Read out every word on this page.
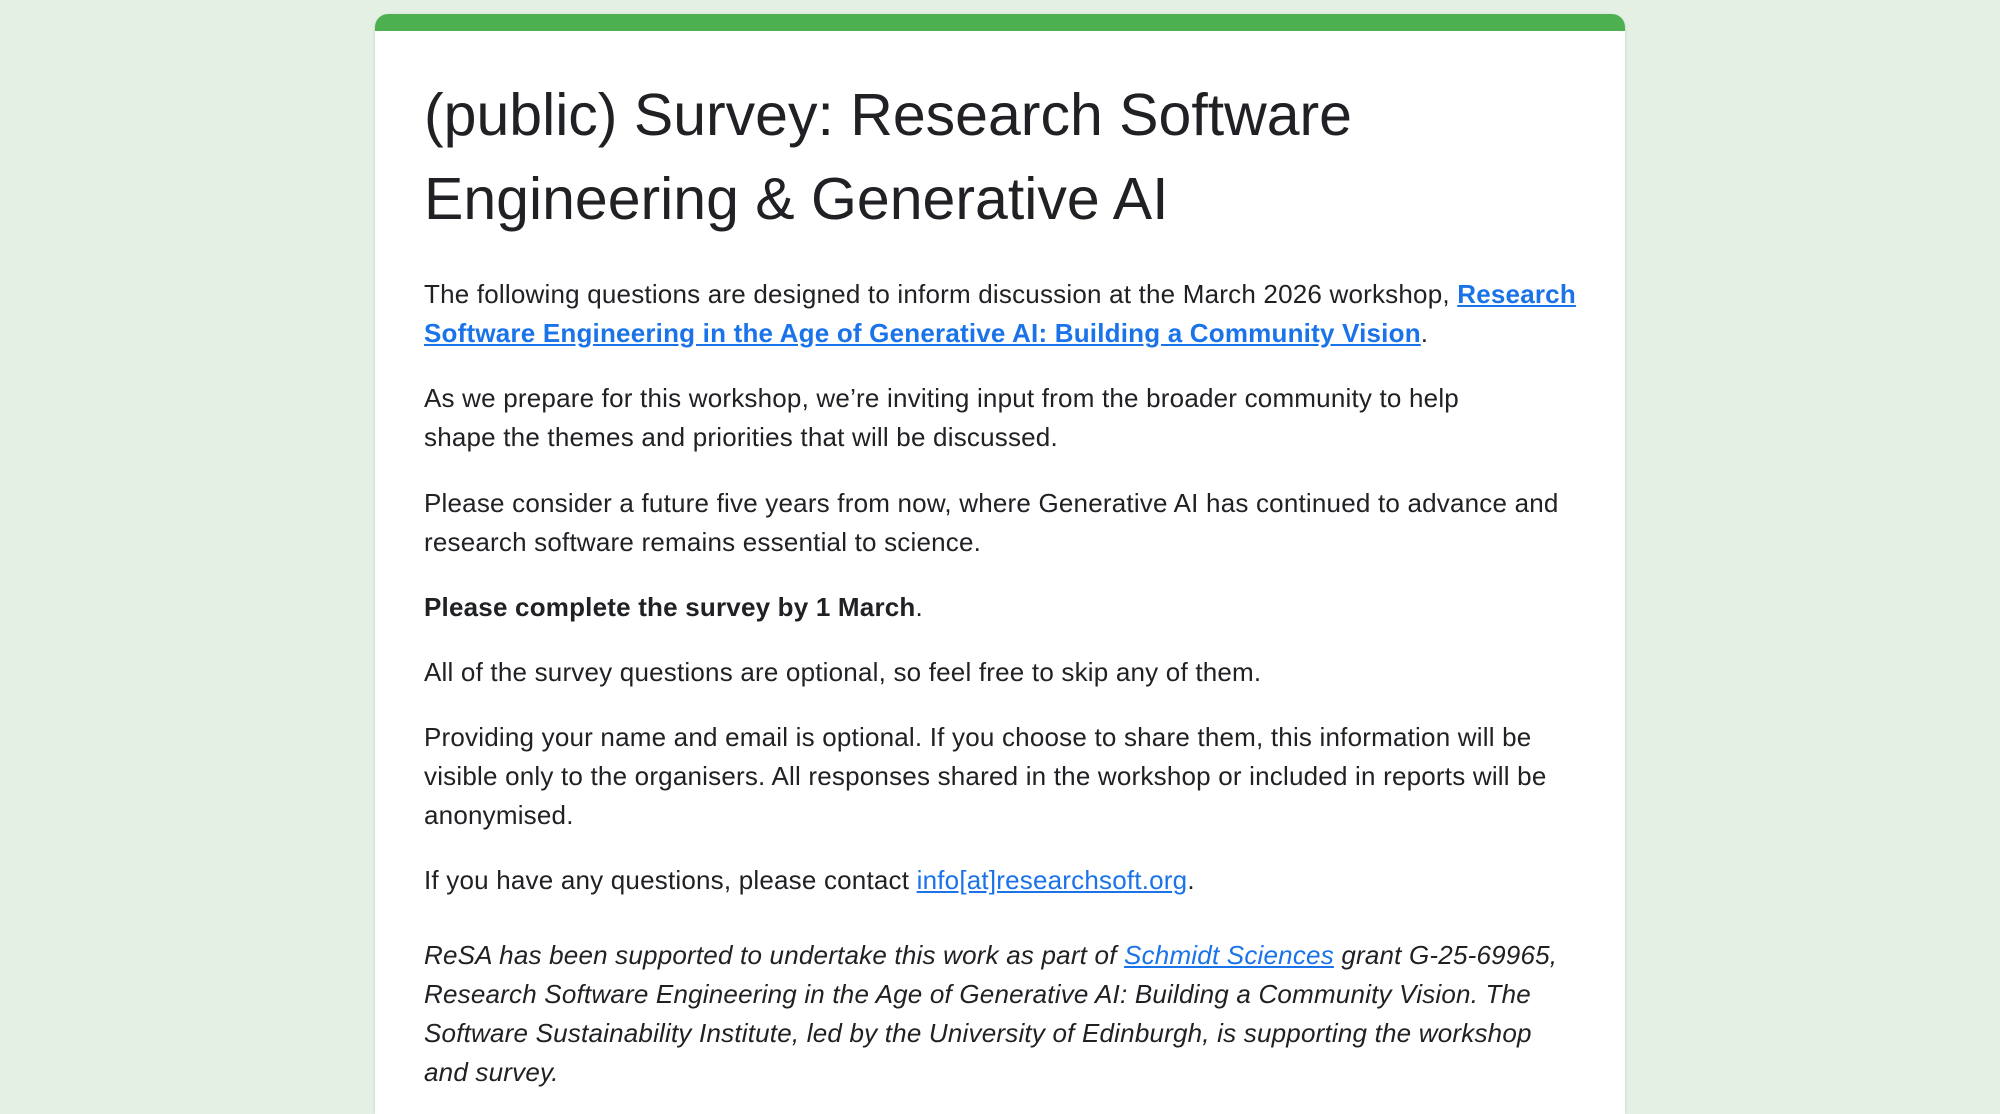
(public) Survey: Research Software Engineering & Generative AI
The following questions are designed to inform discussion at the March 2026 workshop, Research Software Engineering in the Age of Generative AI: Building a Community Vision.
As we prepare for this workshop, we’re inviting input from the broader community to help shape the themes and priorities that will be discussed.
Please consider a future five years from now, where Generative AI has continued to advance and research software remains essential to science.
Please complete the survey by 1 March.
All of the survey questions are optional, so feel free to skip any of them.
Providing your name and email is optional. If you choose to share them, this information will be visible only to the organisers. All responses shared in the workshop or included in reports will be anonymised.
If you have any questions, please contact info[at]researchsoft.org.
ReSA has been supported to undertake this work as part of Schmidt Sciences grant G-25-69965, Research Software Engineering in the Age of Generative AI: Building a Community Vision. The Software Sustainability Institute, led by the University of Edinburgh, is supporting the workshop and survey.
